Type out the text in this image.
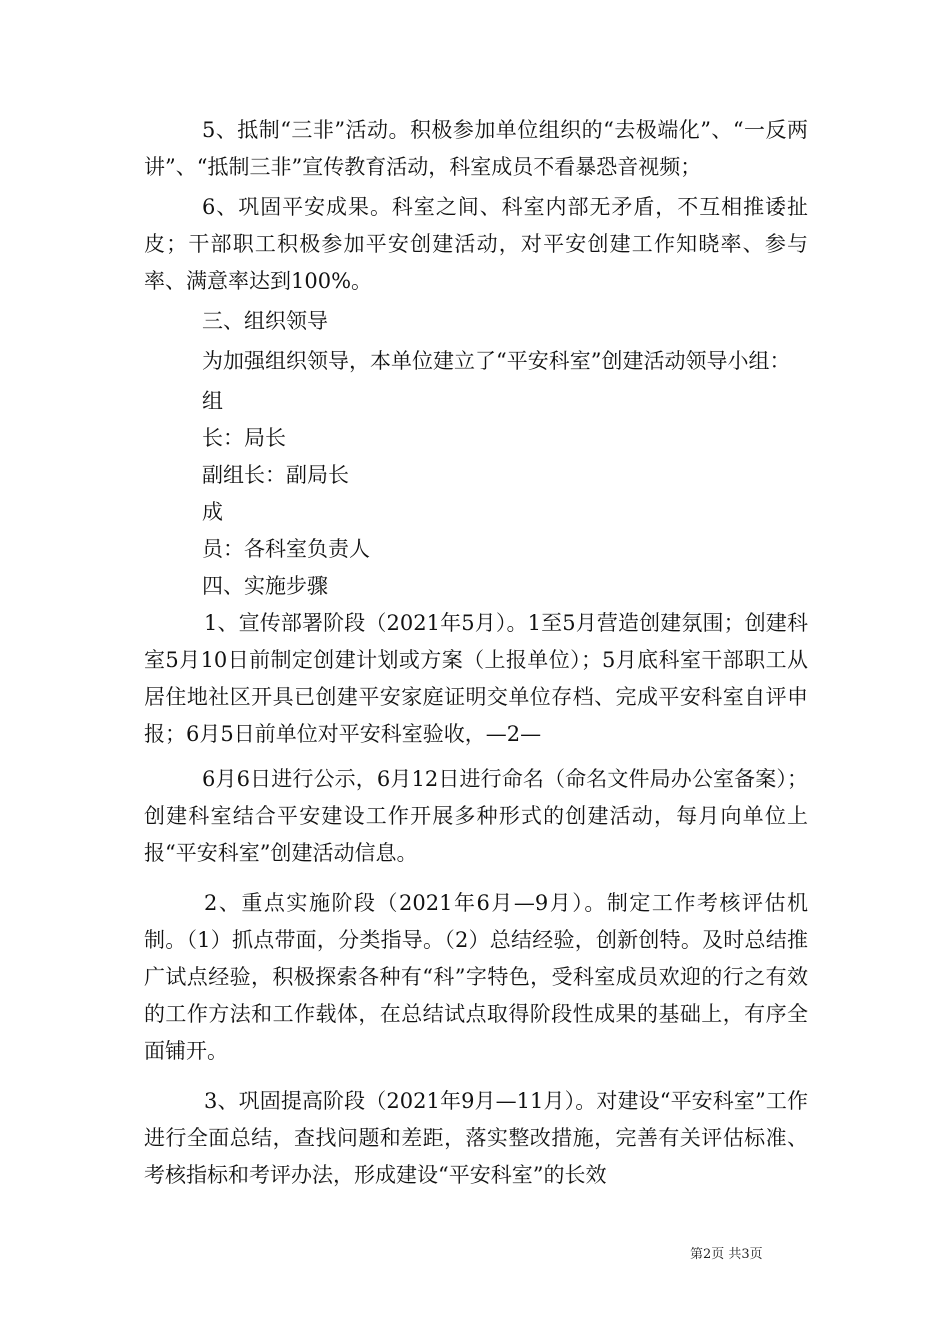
5、抵制“三非”活动。积极参加单位组织的“去极端化”、“一反两讲”、“抵制三非”宣传教育活动，科室成员不看暴恐音视频；

6、巩固平安成果。科室之间、科室内部无矛盾，不互相推诿扯皮；干部职工积极参加平安创建活动，对平安创建工作知晓率、参与率、满意率达到100%。

三、组织领导

为加强组织领导，本单位建立了“平安科室”创建活动领导小组：

组

长：局长

副组长：副局长

成

员：各科室负责人

四、实施步骤

1、宣传部署阶段（2021年5月）。1至5月营造创建氛围；创建科室5月10日前制定创建计划或方案（上报单位）；5月底科室干部职工从居住地社区开具已创建平安家庭证明交单位存档、完成平安科室自评申报；6月5日前单位对平安科室验收，—2—

6月6日进行公示，6月12日进行命名（命名文件局办公室备案）；创建科室结合平安建设工作开展多种形式的创建活动，每月向单位上报“平安科室”创建活动信息。

2、重点实施阶段（2021年6月—9月）。制定工作考核评估机制。（1）抓点带面，分类指导。（2）总结经验，创新创特。及时总结推广试点经验，积极探索各种有“科”字特色，受科室成员欢迎的行之有效的工作方法和工作载体，在总结试点取得阶段性成果的基础上，有序全面铺开。

3、巩固提高阶段（2021年9月—11月）。对建设“平安科室”工作进行全面总结，查找问题和差距，落实整改措施，完善有关评估标准、考核指标和考评办法，形成建设“平安科室”的长效

第2页 共3页
